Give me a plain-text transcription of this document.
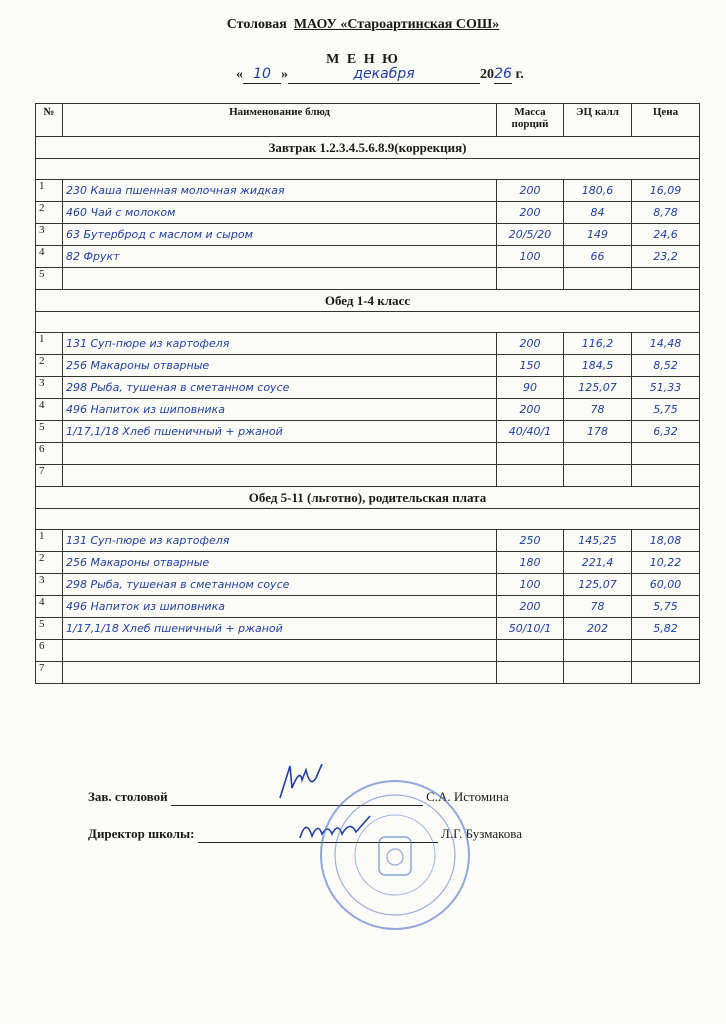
Столовая МАОУ «Староартинская СОШ»
М Е Н Ю
« 10 »	декабря	2026 г.
№	Наименование блюд	Масса порций	ЭЦ калл	Цена
Завтрак 1.2.3.4.5.6.8.9(коррекция)				

1	230 Каша пшенная молочная жидкая	200	180,6	16,09
2	460 Чай с молоком	200	84	8,78
3	63 Бутерброд с маслом и сыром	20/5/20	149	24,6
4	82 Фрукт	100	66	23,2
5				
Обед 1-4 класс				

1	131 Суп-пюре из картофеля	200	116,2	14,48
2	256 Макароны отварные	150	184,5	8,52
3	298 Рыба, тушеная в сметанном соусе	90	125,07	51,33
4	496 Напиток из шиповника	200	78	5,75
5	1/17,1/18 Хлеб пшеничный + ржаной	40/40/1	178	6,32
6				
7				
Обед 5-11 (льготно), родительская плата				

1	131 Суп-пюре из картофеля	250	145,25	18,08
2	256 Макароны отварные	180	221,4	10,22
3	298 Рыба, тушеная в сметанном соусе	100	125,07	60,00
4	496 Напиток из шиповника	200	78	5,75
5	1/17,1/18 Хлеб пшеничный + ржаной	50/10/1	202	5,82
6				
7				
Зав. столовой	С.А. Истомина
Директор школы:	Л.Г. Бузмакова
